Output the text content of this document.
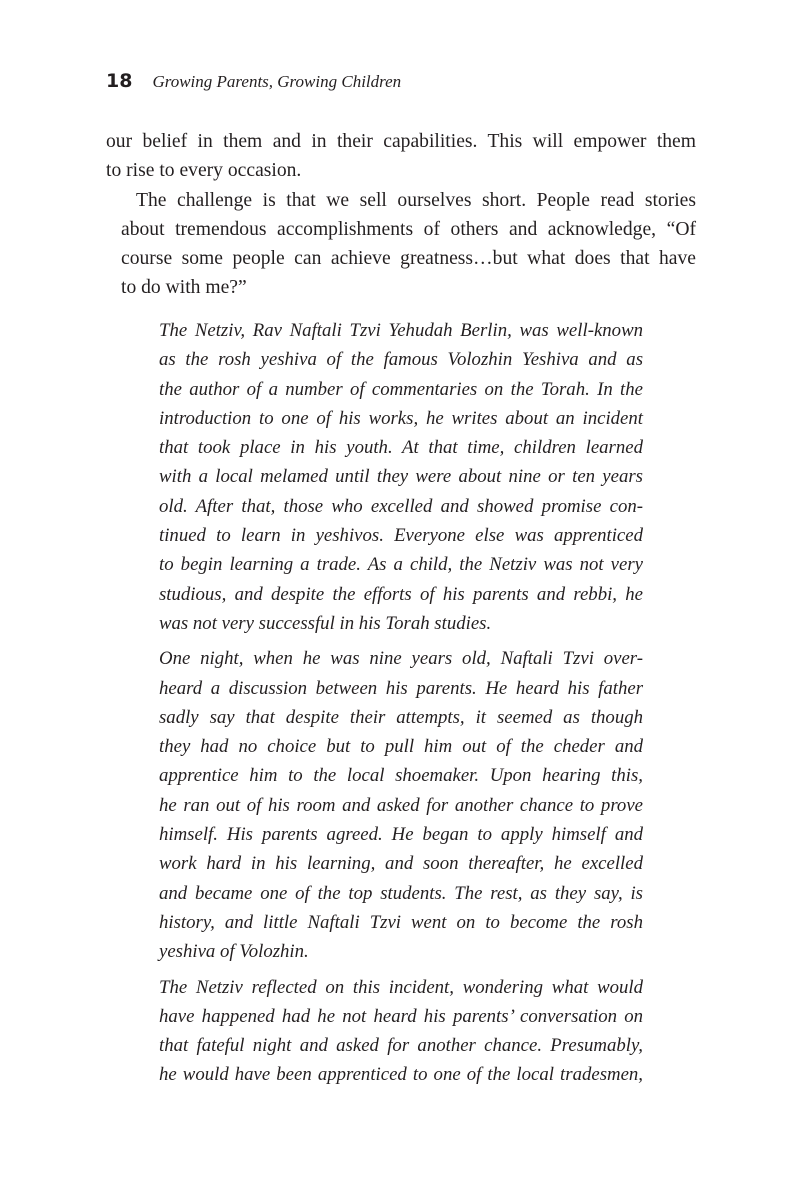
18 Growing Parents, Growing Children

our belief in them and in their capabilities. This will empower them
to rise to every occasion.

The challenge is that we sell ourselves short. People read stories
about tremendous accomplishments of others and acknowledge, “Of
course some people can achieve greatness…but what does that have
to do with me?”

The Netziv, Rav Naftali Tzvi Yehudah Berlin, was well-known
as the rosh yeshiva of the famous Volozhin Yeshiva and as
the author of a number of commentaries on the Torah. In the
introduction to one of his works, he writes about an incident
that took place in his youth. At that time, children learned
with a local melamed until they were about nine or ten years
old. After that, those who excelled and showed promise con-
tinued to learn in yeshivos. Everyone else was apprenticed
to begin learning a trade. As a child, the Netziv was not very
studious, and despite the efforts of his parents and rebbi, he
was not very successful in his Torah studies.

One night, when he was nine years old, Naftali Tzvi over-
heard a discussion between his parents. He heard his father
sadly say that despite their attempts, it seemed as though
they had no choice but to pull him out of the cheder and
apprentice him to the local shoemaker. Upon hearing this,
he ran out of his room and asked for another chance to prove
himself. His parents agreed. He began to apply himself and
work hard in his learning, and soon thereafter, he excelled
and became one of the top students. The rest, as they say, is
history, and little Naftali Tzvi went on to become the rosh
yeshiva of Volozhin.

The Netziv reflected on this incident, wondering what would
have happened had he not heard his parents’ conversation on
that fateful night and asked for another chance. Presumably,
he would have been apprenticed to one of the local tradesmen,
